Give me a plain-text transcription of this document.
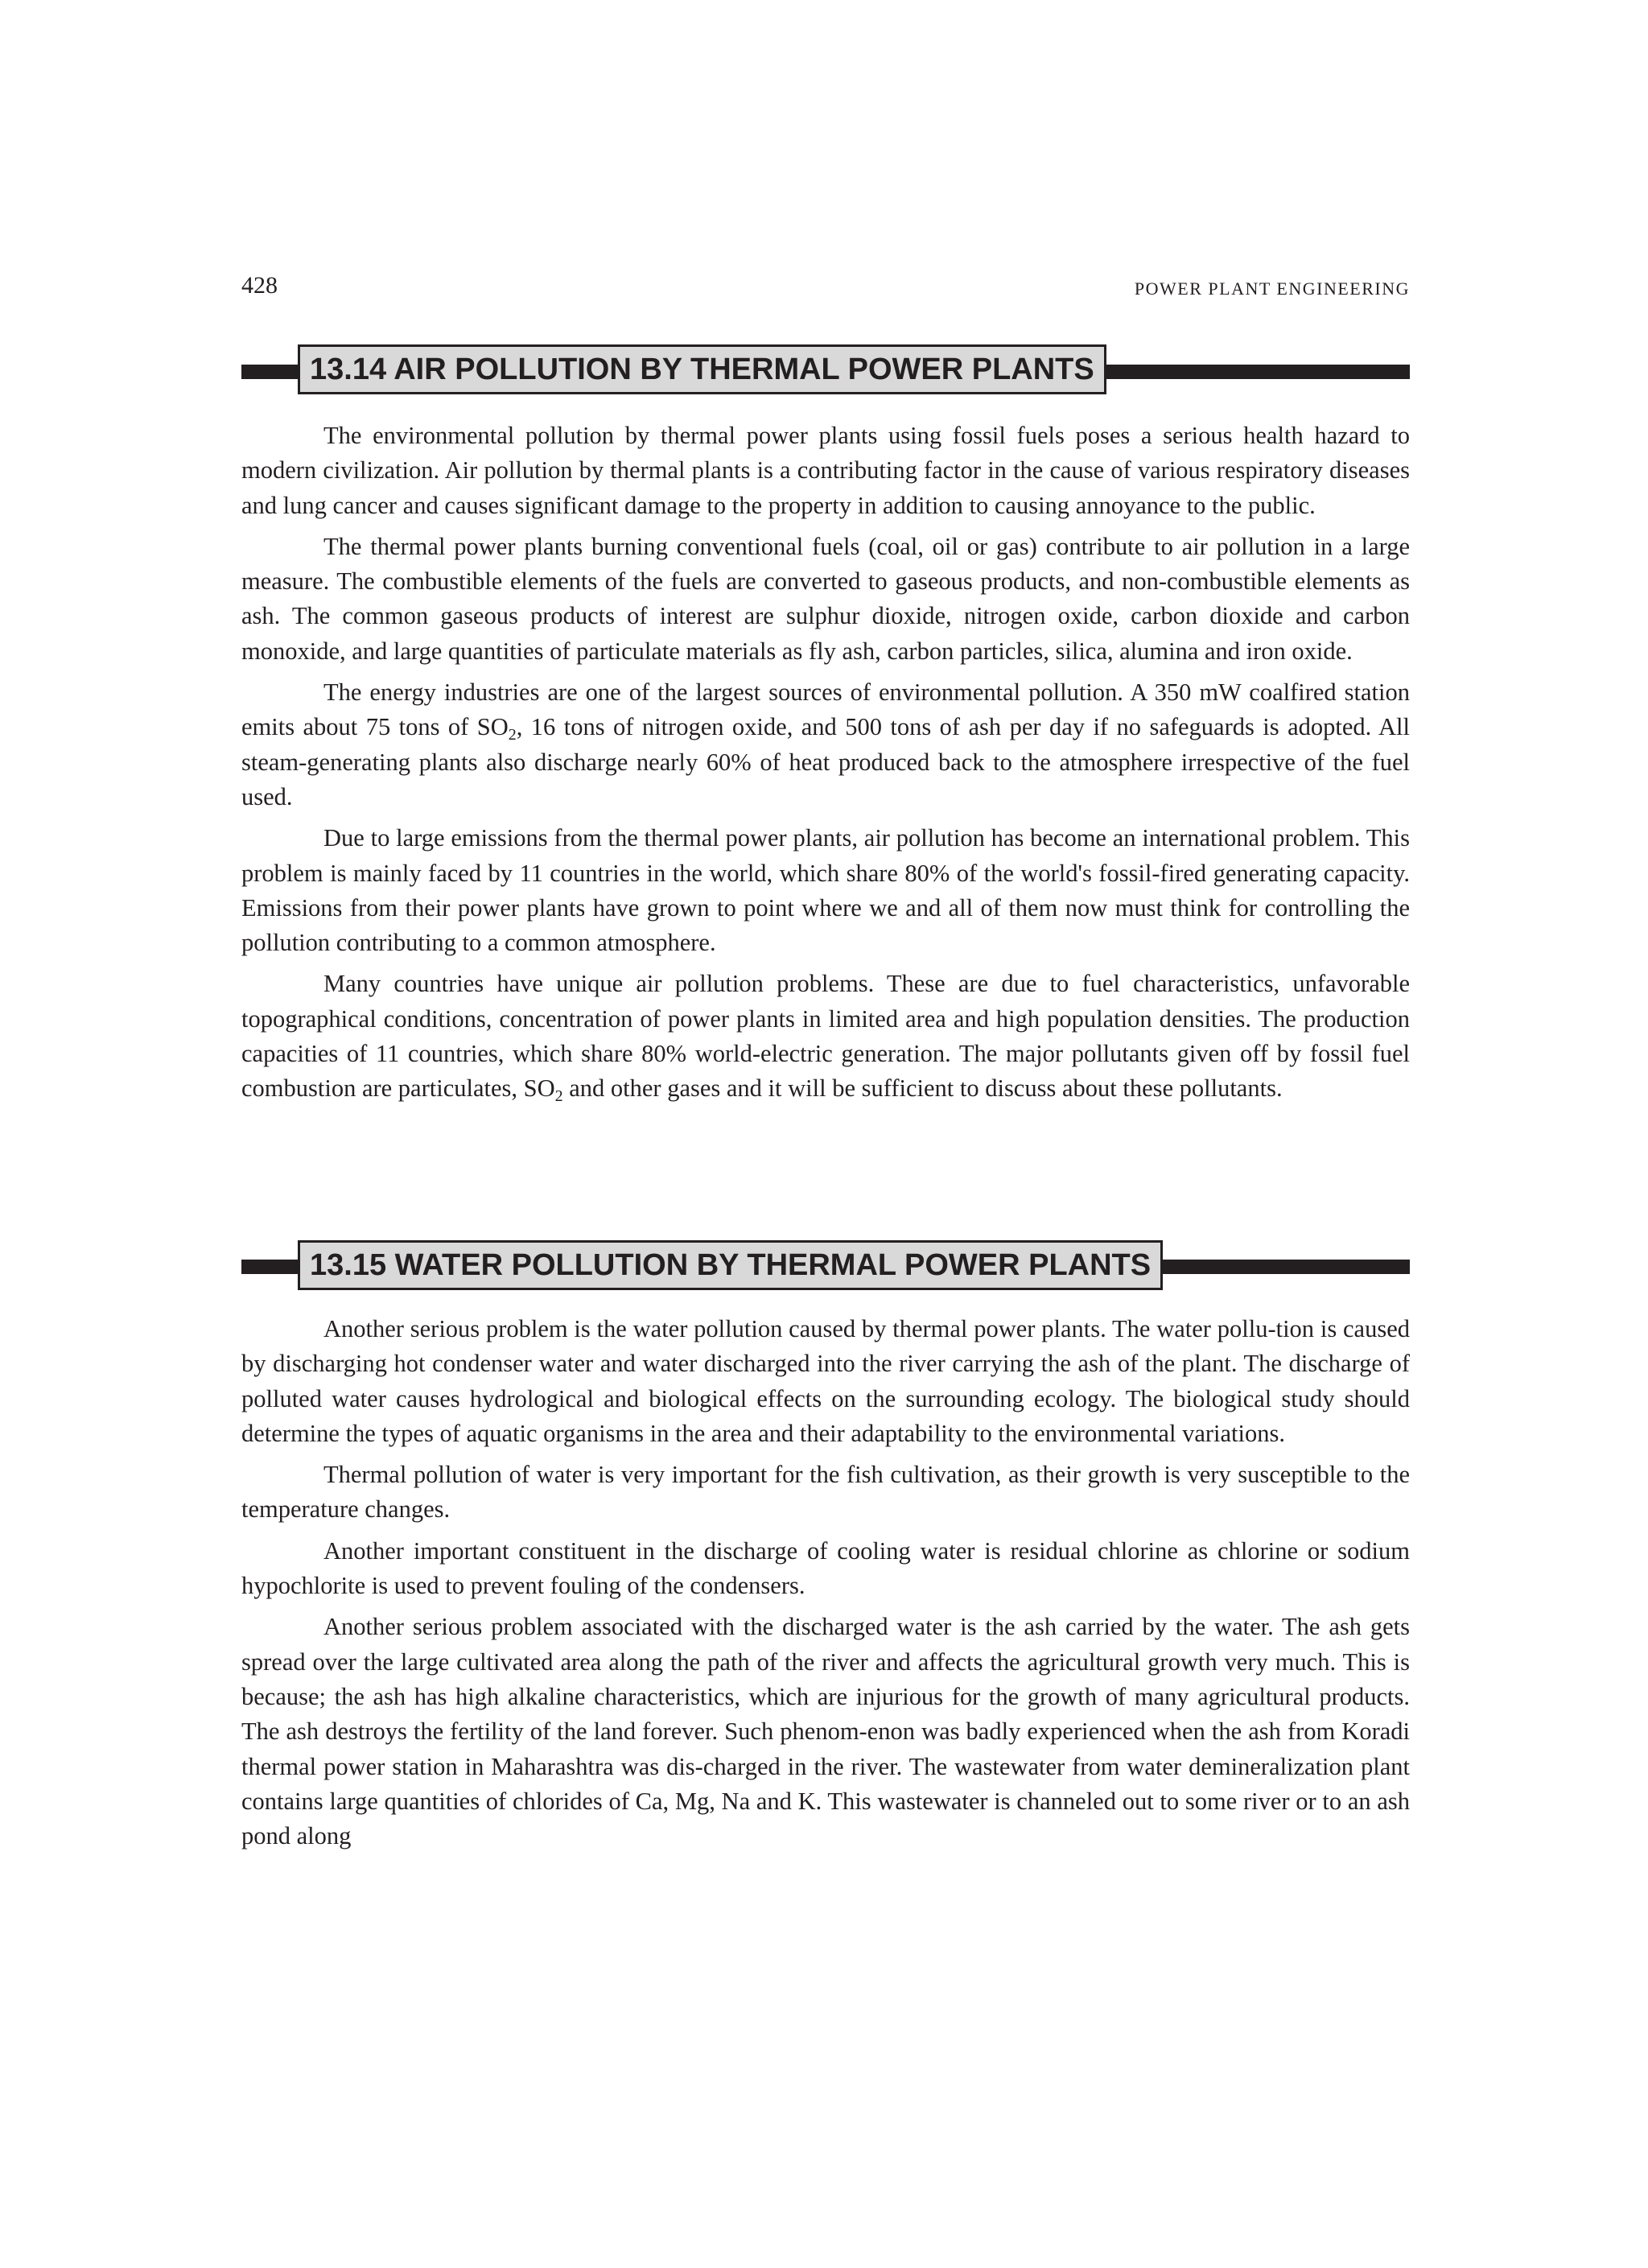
428	POWER PLANT ENGINEERING
13.14 AIR POLLUTION BY THERMAL POWER PLANTS

The environmental pollution by thermal power plants using fossil fuels poses a serious health hazard to modern civilization. Air pollution by thermal plants is a contributing factor in the cause of various respiratory diseases and lung cancer and causes significant damage to the property in addition to causing annoyance to the public.

The thermal power plants burning conventional fuels (coal, oil or gas) contribute to air pollution in a large measure. The combustible elements of the fuels are converted to gaseous products, and non-combustible elements as ash. The common gaseous products of interest are sulphur dioxide, nitrogen oxide, carbon dioxide and carbon monoxide, and large quantities of particulate materials as fly ash, carbon particles, silica, alumina and iron oxide.

The energy industries are one of the largest sources of environmental pollution. A 350 mW coalfired station emits about 75 tons of $SO_2$, 16 tons of nitrogen oxide, and 500 tons of ash per day if no safeguards is adopted. All steam-generating plants also discharge nearly 60% of heat produced back to the atmosphere irrespective of the fuel used.

Due to large emissions from the thermal power plants, air pollution has become an international problem. This problem is mainly faced by 11 countries in the world, which share 80% of the world's fossil-fired generating capacity. Emissions from their power plants have grown to point where we and all of them now must think for controlling the pollution contributing to a common atmosphere.

Many countries have unique air pollution problems. These are due to fuel characteristics, unfavorable topographical conditions, concentration of power plants in limited area and high population densities. The production capacities of 11 countries, which share 80% world-electric generation. The major pollutants given off by fossil fuel combustion are particulates, $SO_2$ and other gases and it will be sufficient to discuss about these pollutants.

13.15 WATER POLLUTION BY THERMAL POWER PLANTS

Another serious problem is the water pollution caused by thermal power plants. The water pollu-tion is caused by discharging hot condenser water and water discharged into the river carrying the ash of the plant. The discharge of polluted water causes hydrological and biological effects on the surrounding ecology. The biological study should determine the types of aquatic organisms in the area and their adaptability to the environmental variations.

Thermal pollution of water is very important for the fish cultivation, as their growth is very susceptible to the temperature changes.

Another important constituent in the discharge of cooling water is residual chlorine as chlorine or sodium hypochlorite is used to prevent fouling of the condensers.

Another serious problem associated with the discharged water is the ash carried by the water. The ash gets spread over the large cultivated area along the path of the river and affects the agricultural growth very much. This is because; the ash has high alkaline characteristics, which are injurious for the growth of many agricultural products. The ash destroys the fertility of the land forever. Such phenom-enon was badly experienced when the ash from Koradi thermal power station in Maharashtra was dis-charged in the river. The wastewater from water demineralization plant contains large quantities of chlorides of Ca, Mg, Na and K. This wastewater is channeled out to some river or to an ash pond along
